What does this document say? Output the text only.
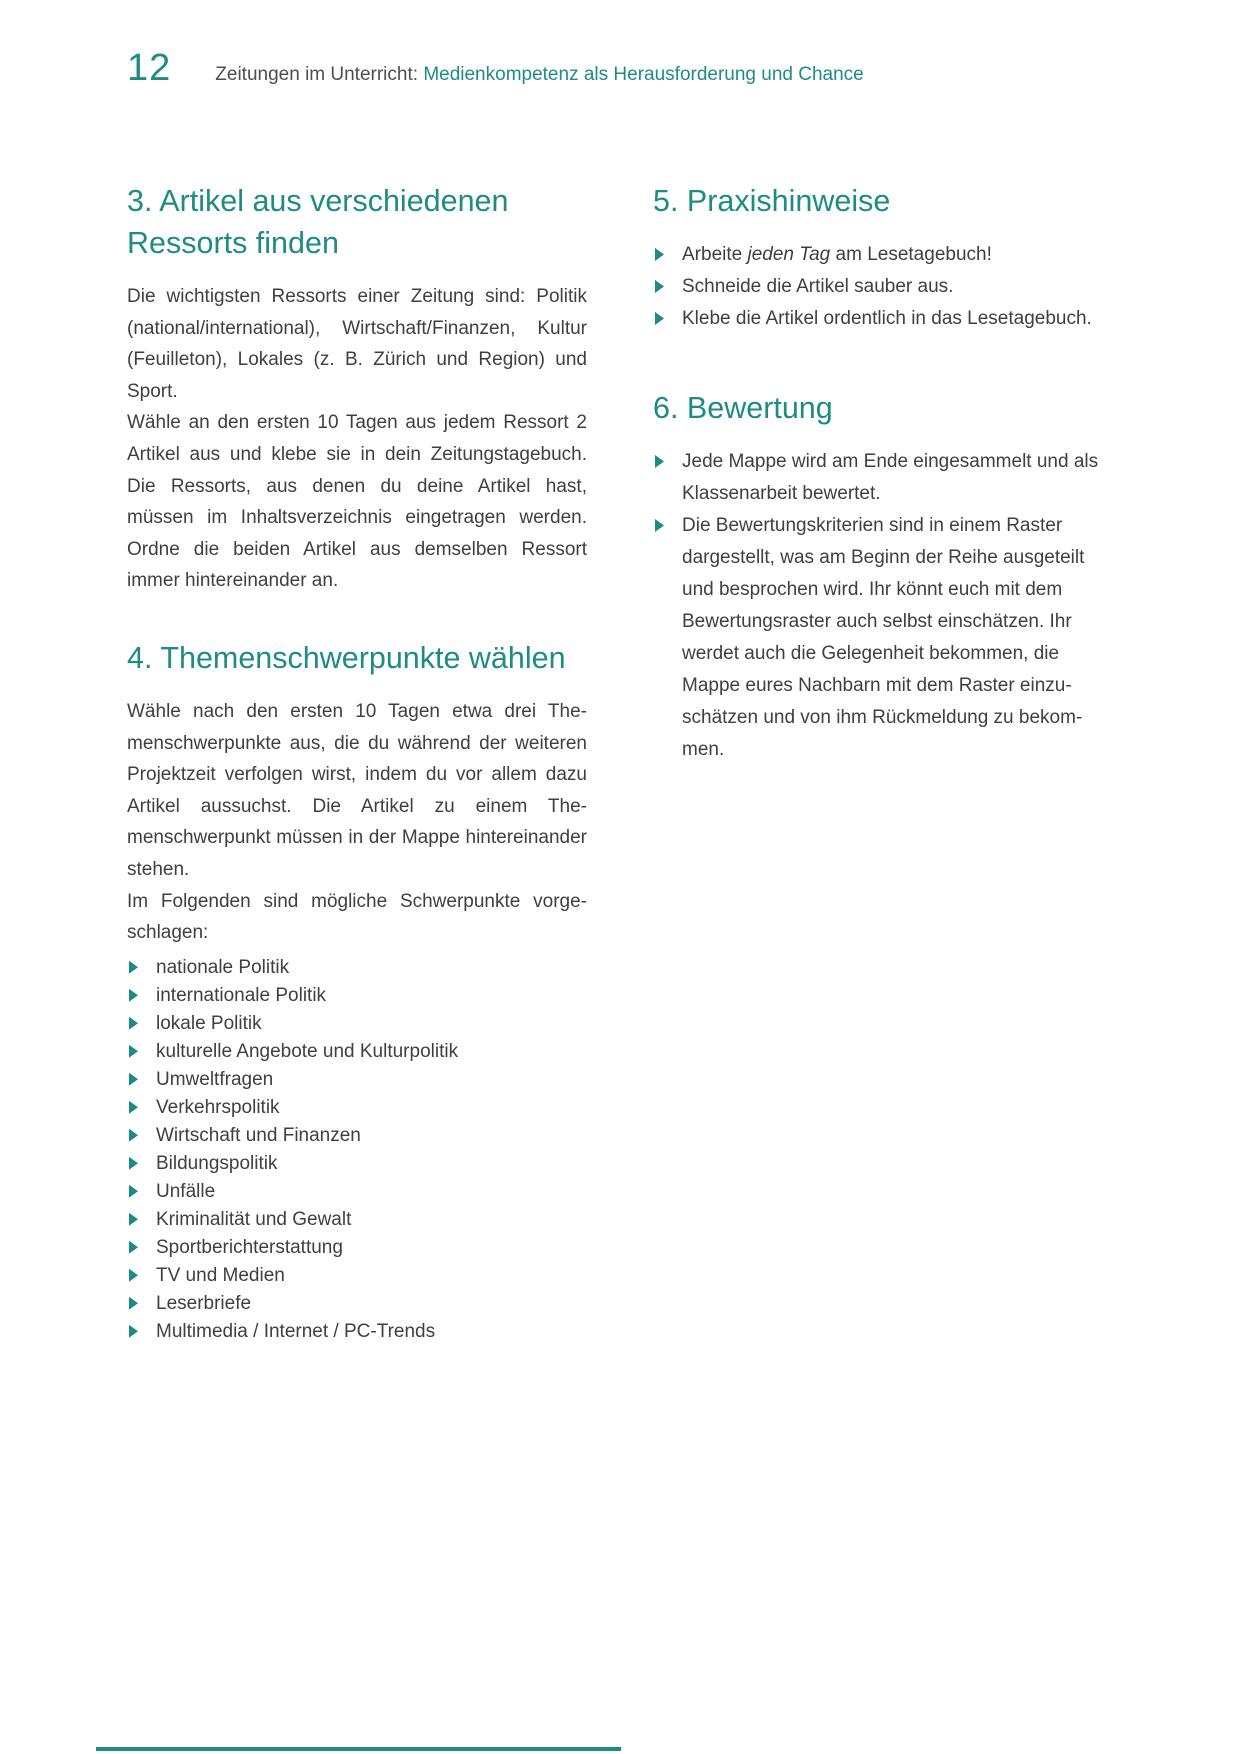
12 Zeitungen im Unterricht: Medienkompetenz als Herausforderung und Chance
3. Artikel aus verschiedenen Ressorts finden

Die wichtigsten Ressorts einer Zeitung sind: Politik (national/international), Wirtschaft/Finanzen, Kultur (Feuilleton), Lokales (z. B. Zürich und Region) und Sport.

Wähle an den ersten 10 Tagen aus jedem Ressort 2 Artikel aus und klebe sie in dein Zeitungstagebuch. Die Ressorts, aus denen du deine Artikel hast, müssen im Inhaltsverzeichnis eingetragen werden. Ordne die beiden Artikel aus demselben Ressort immer hintereinander an.

4. Themenschwerpunkte wählen

Wähle nach den ersten 10 Tagen etwa drei Themenschwerpunkte aus, die du während der weiteren Projektzeit verfolgen wirst, indem du vor allem dazu Artikel aussuchst. Die Artikel zu einem Themenschwerpunkt müssen in der Mappe hintereinander stehen.

Im Folgenden sind mögliche Schwerpunkte vorgeschlagen:

nationale Politik
internationale Politik
lokale Politik
kulturelle Angebote und Kulturpolitik
Umweltfragen
Verkehrspolitik
Wirtschaft und Finanzen
Bildungspolitik
Unfälle
Kriminalität und Gewalt
Sportberichterstattung
TV und Medien
Leserbriefe
Multimedia / Internet / PC-Trends
5. Praxishinweise
Arbeite jeden Tag am Lesetagebuch!
Schneide die Artikel sauber aus.
Klebe die Artikel ordentlich in das Lesetagebuch.
6. Bewertung
Jede Mappe wird am Ende eingesammelt und als Klassenarbeit bewertet.
Die Bewertungskriterien sind in einem Raster dargestellt, was am Beginn der Reihe ausgeteilt und besprochen wird. Ihr könnt euch mit dem Bewertungsraster auch selbst einschätzen. Ihr werdet auch die Gelegenheit bekommen, die Mappe eures Nachbarn mit dem Raster einzuschätzen und von ihm Rückmeldung zu bekommen.
